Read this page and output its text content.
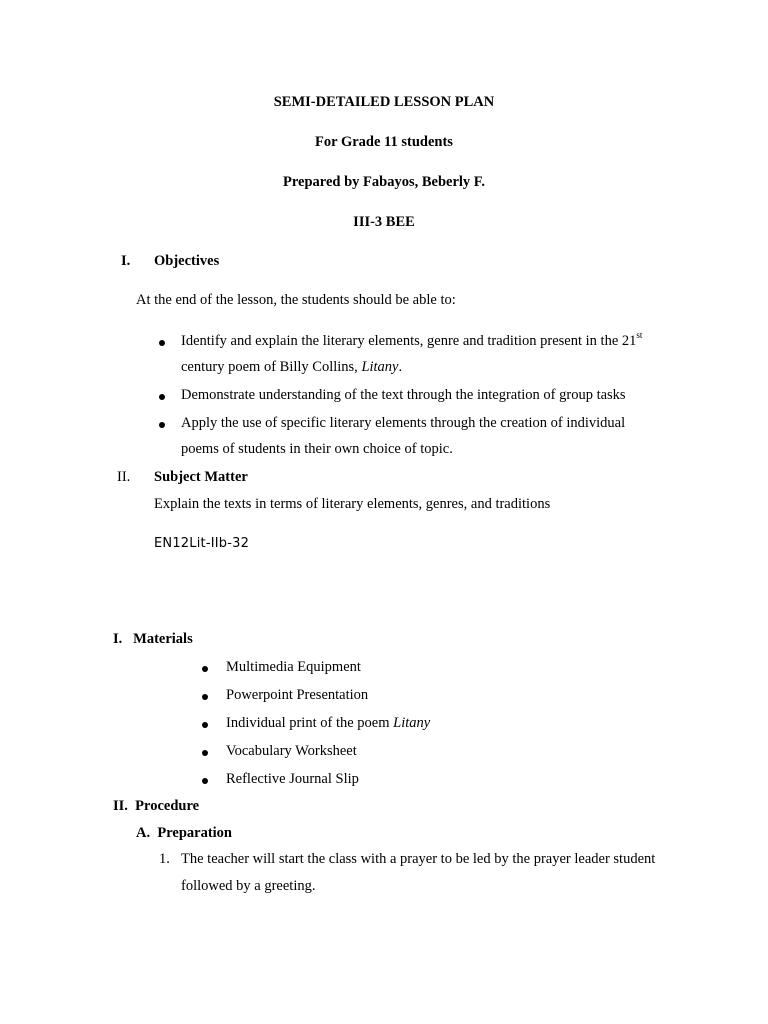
SEMI-DETAILED LESSON PLAN
For Grade 11 students
Prepared by Fabayos, Beberly F.
III-3 BEE
I. Objectives
At the end of the lesson, the students should be able to:
Identify and explain the literary elements, genre and tradition present in the 21st
century poem of Billy Collins, Litany.
Demonstrate understanding of the text through the integration of group tasks
Apply the use of specific literary elements through the creation of individual
poems of students in their own choice of topic.
II. Subject Matter
Explain the texts in terms of literary elements, genres, and traditions
EN12Lit-IIb-32
I.   Materials
Multimedia Equipment
Powerpoint Presentation
Individual print of the poem Litany
Vocabulary Worksheet
Reflective Journal Slip
II.  Procedure
A.  Preparation
1. The teacher will start the class with a prayer to be led by the prayer leader student
followed by a greeting.
